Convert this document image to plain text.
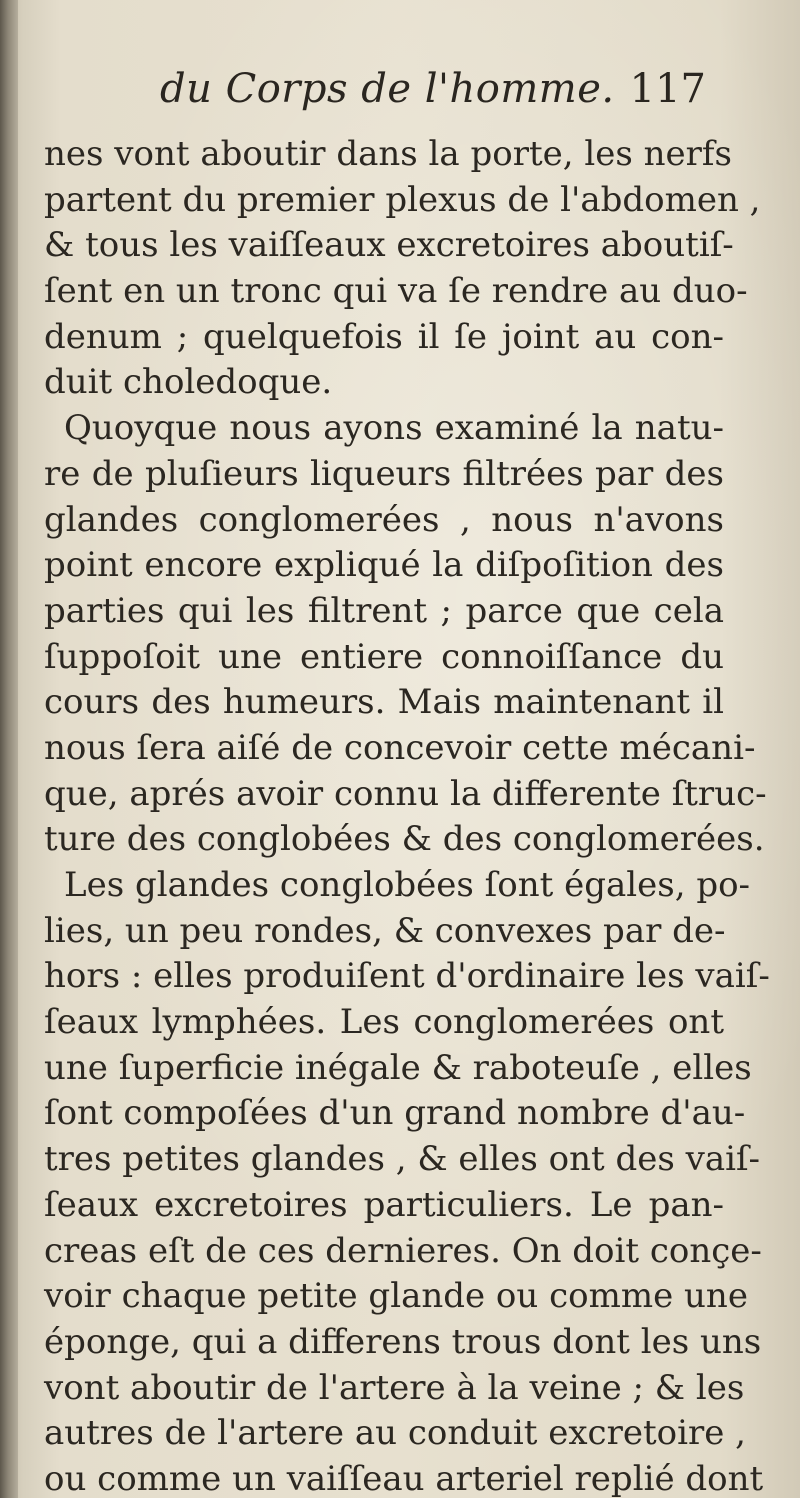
du Corps de l'homme. 117
nes vont aboutir dans la porte, les nerfs
partent du premier plexus de l'abdomen ,
& tous les vaiſſeaux excretoires aboutiſ-
ſent en un tronc qui va ſe rendre au duo-
denum ; quelquefois il ſe joint au con-
duit choledoque.
Quoyque nous ayons examiné la natu-
re de pluſieurs liqueurs filtrées par des
glandes conglomerées , nous n'avons
point encore expliqué la diſpoſition des
parties qui les filtrent ; parce que cela
ſuppoſoit une entiere connoiſſance du
cours des humeurs. Mais maintenant il
nous ſera aiſé de concevoir cette mécani-
que, aprés avoir connu la differente ſtruc-
ture des conglobées & des conglomerées.
Les glandes conglobées ſont égales, po-
lies, un peu rondes, & convexes par de-
hors : elles produiſent d'ordinaire les vaiſ-
ſeaux lymphées. Les conglomerées ont
une ſuperficie inégale & raboteuſe , elles
ſont compoſées d'un grand nombre d'au-
tres petites glandes , & elles ont des vaiſ-
ſeaux excretoires particuliers. Le pan-
creas eſt de ces dernieres. On doit conçe-
voir chaque petite glande ou comme une
éponge, qui a differens trous dont les uns
vont aboutir de l'artere à la veine ; & les
autres de l'artere au conduit excretoire ,
ou comme un vaiſſeau arteriel replié dont
